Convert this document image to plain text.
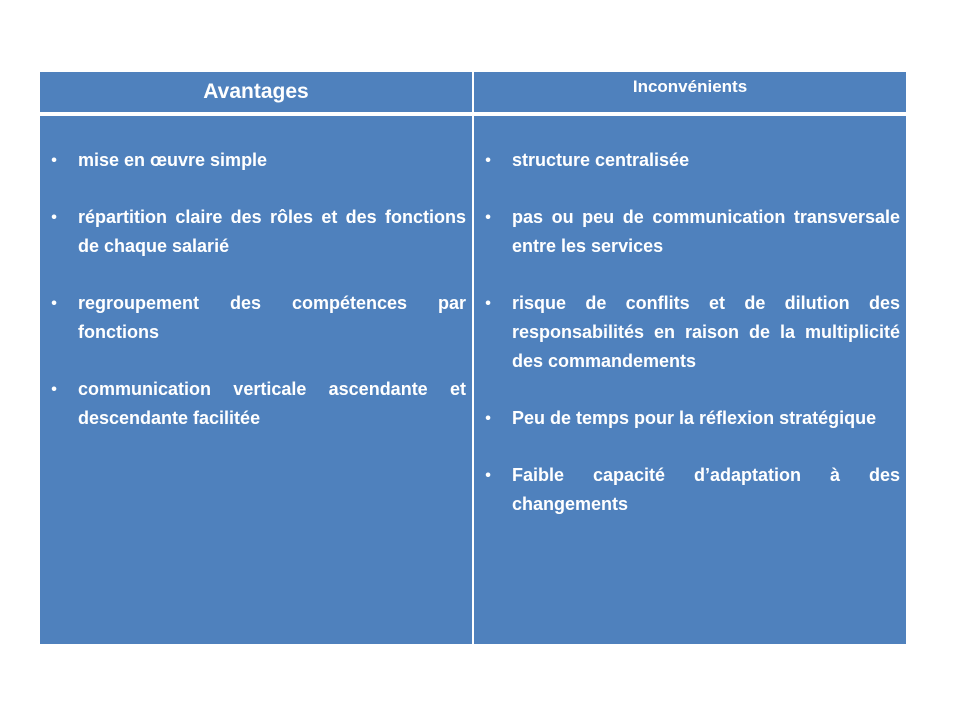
Avantages	Inconvénients
• mise en œuvre simple
• répartition claire des rôles et des fonctions de chaque salarié
• regroupement des compétences par fonctions
• communication verticale ascendante et descendante facilitée
• structure centralisée
• pas ou peu de communication transversale entre les services
• risque de conflits et de dilution des responsabilités en raison de la multiplicité des commandements
• Peu de temps pour la réflexion stratégique
• Faible capacité d’adaptation à des changements
